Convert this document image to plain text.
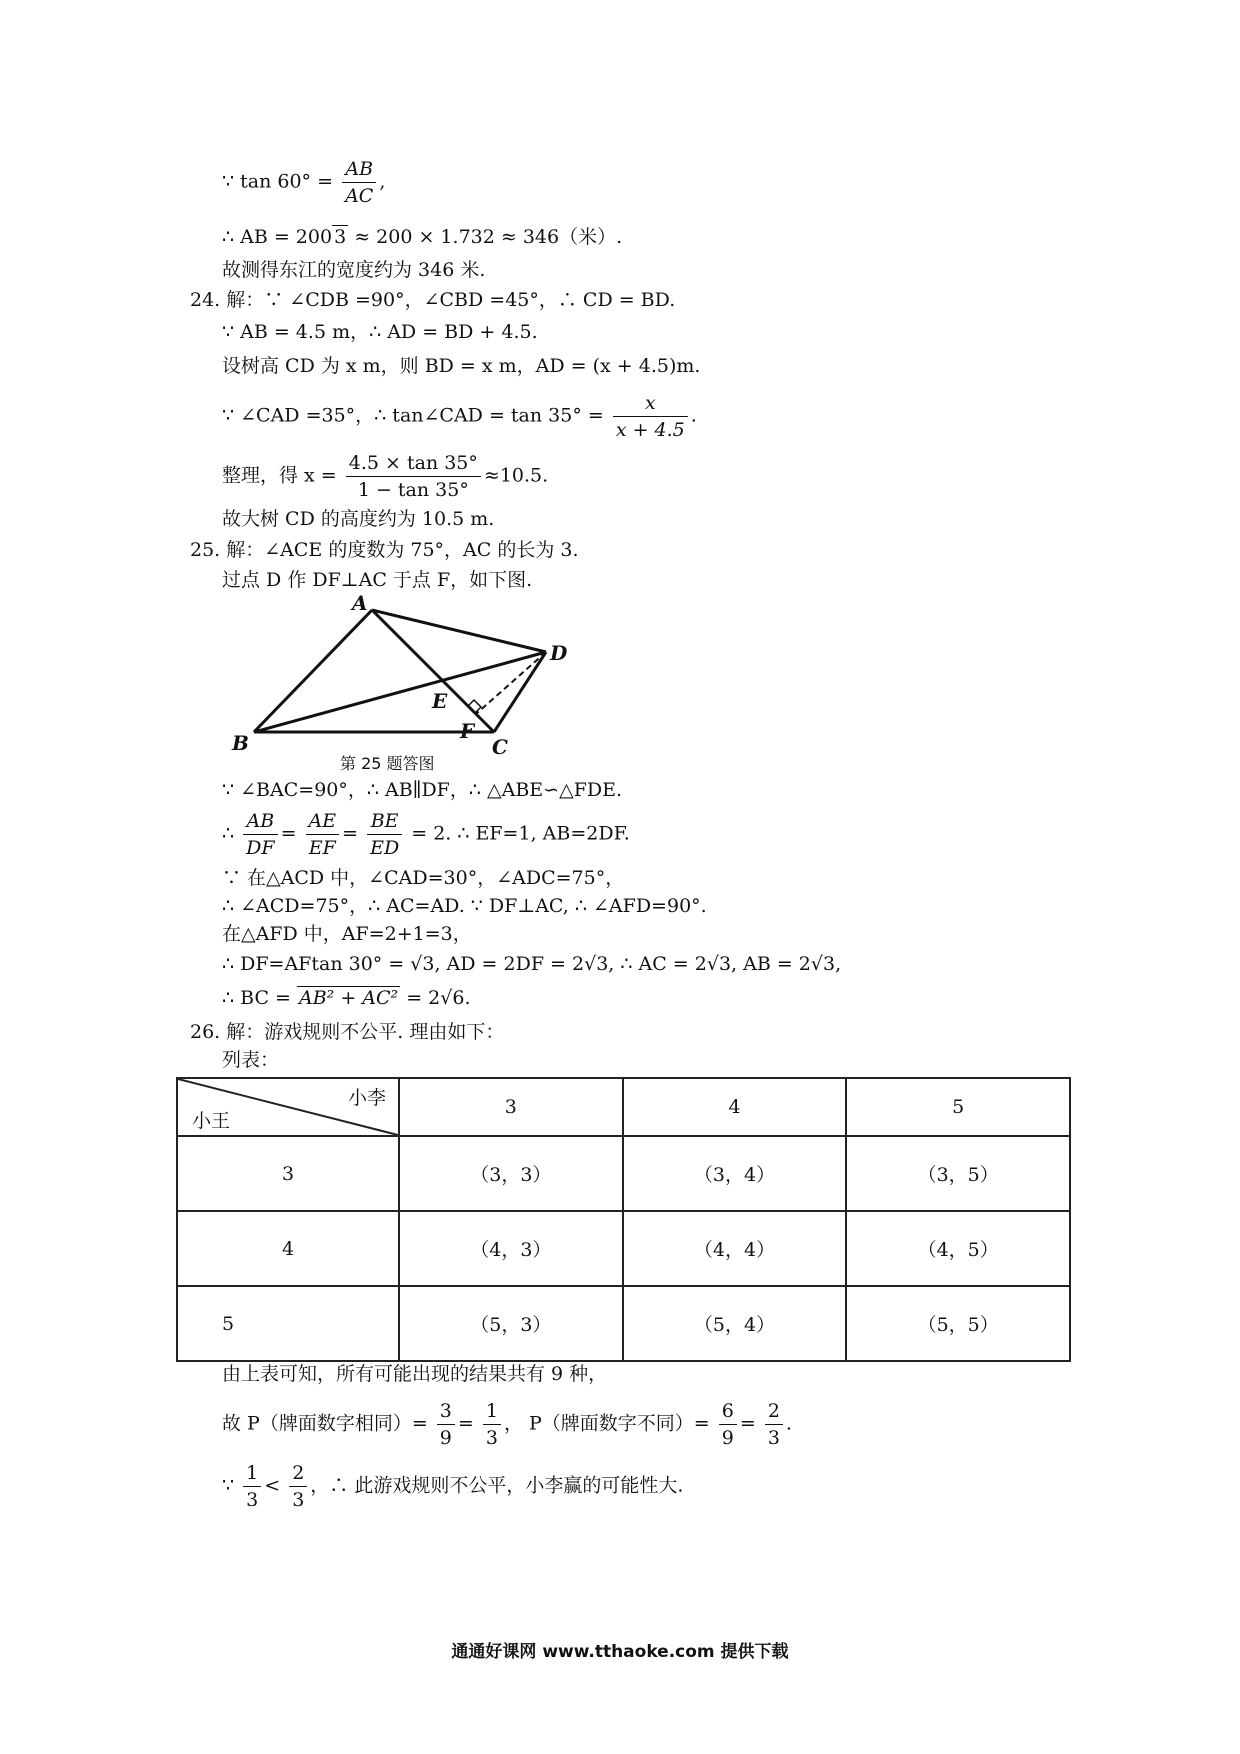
∵ $\tan 60^\circ = \frac{AB}{AC}$ ,
∴ AB = 200 3 ≈ 200 × 1.732 ≈ 346（米）.
故测得东江的宽度约为 346 米.
24. 解：∵ ∠CDB =90°，∠CBD =45°，∴ CD = BD.
∵ AB = 4.5 m，∴ AD = BD + 4.5.
设树高 CD 为 x m，则 BD = x m，AD = (x + 4.5)m.
∵ ∠CAD =35°，∴ tan∠CAD = $\tan 35^\circ = \frac{x}{x + 4.5}$ .
整理，得 $x = \frac{4.5 \times \tan 35^\circ}{1 - \tan 35^\circ} \approx 10.5$.
故大树 CD 的高度约为 10.5 m.
25. 解：∠ACE 的度数为 75°，AC 的长为 3.
过点 D 作 DF⊥AC 于点 F，如下图.
A
B	C
D
E
F
第 25 题答图
∵ ∠BAC=90°，∴ AB∥DF，∴ △ABE∽△FDE.
∴ $\frac{AB}{DF} = \frac{AE}{EF} = \frac{BE}{ED} = 2$. ∴ EF=1, AB=2DF.
∵ 在△ACD 中，∠CAD=30°，∠ADC=75°，
∴ ∠ACD=75°，∴ AC=AD. ∵ DF⊥AC, ∴ ∠AFD=90°.
在△AFD 中，AF=2+1=3，
∴ DF=AFtan 30° = √3, AD = 2DF = 2√3, ∴ AC = 2√3, AB = 2√3,
∴ BC = AB² + AC² = 2√6.
26. 解：游戏规则不公平. 理由如下：
列表：
小李
小王	3	4	5
3	（3，3）	（3，4）	（3，5）
4	（4，3）	（4，4）	（4，5）
5	（5，3）	（5，4）	（5，5）
由上表可知，所有可能出现的结果共有 9 种，
故 P（牌面数字相同）= $\frac{3}{9} = \frac{1}{3}$ ， P（牌面数字不同）= $\frac{6}{9} = \frac{2}{3}$ .
∵ $\frac{1}{3} < \frac{2}{3}$ ，∴ 此游戏规则不公平，小李赢的可能性大.
通通好课网 www.tthaoke.com 提供下载
